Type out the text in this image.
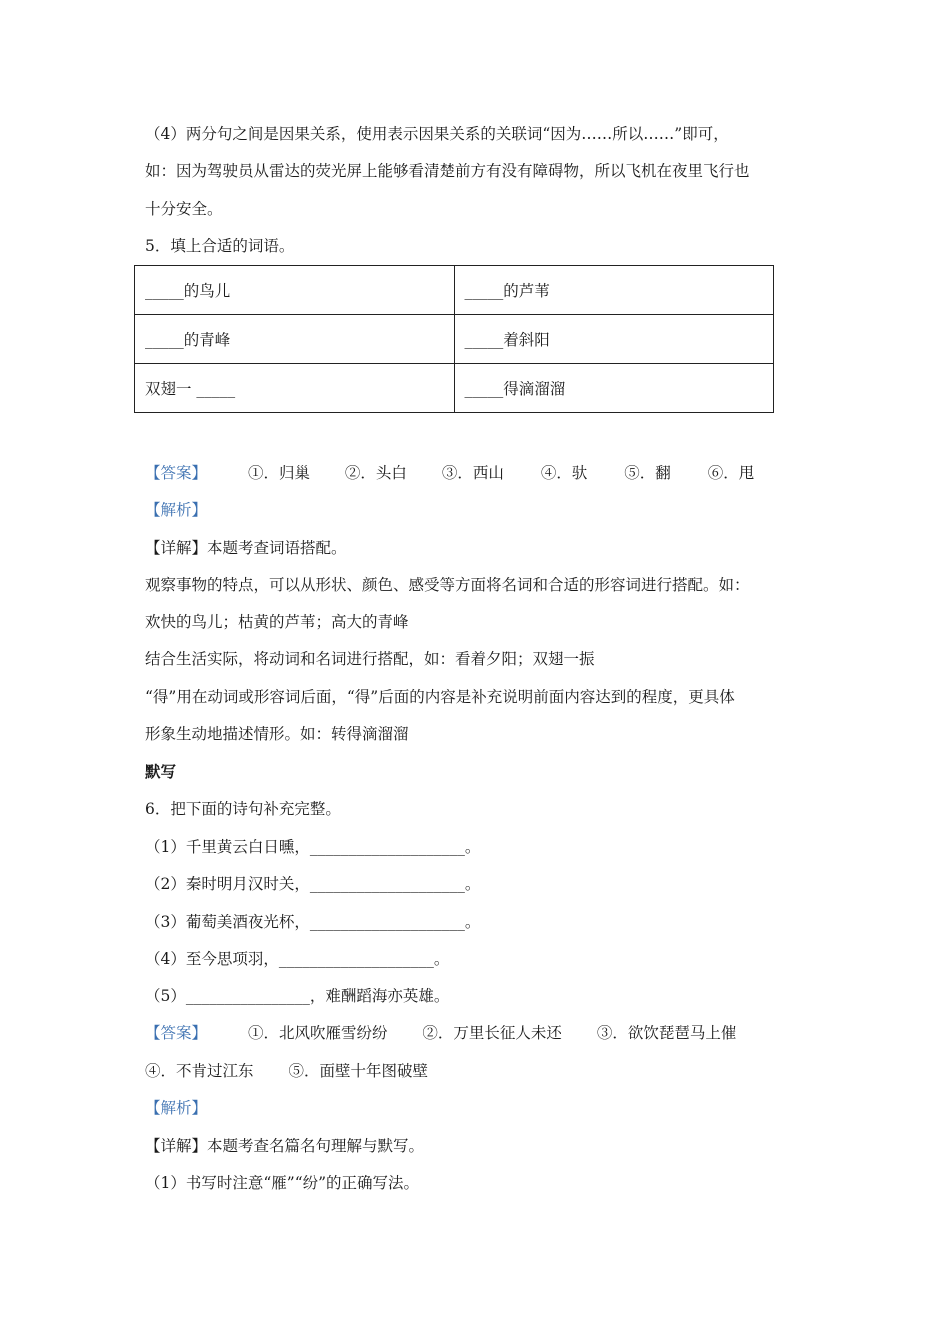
（4）两分句之间是因果关系，使用表示因果关系的关联词“因为……所以……”即可，
如：因为驾驶员从雷达的荧光屏上能够看清楚前方有没有障碍物，所以飞机在夜里飞行也
十分安全。
5．填上合适的词语。
_____的鸟儿	_____的芦苇
_____的青峰	_____着斜阳
双翅一 _____	_____得滴溜溜
【答案】	①．归巢 ②．头白 ③．西山 ④．驮 ⑤．翻 ⑥．甩
【解析】
【详解】本题考查词语搭配。
观察事物的特点，可以从形状、颜色、感受等方面将名词和合适的形容词进行搭配。如：
欢快的鸟儿；枯黄的芦苇；高大的青峰
结合生活实际，将动词和名词进行搭配，如：看着夕阳；双翅一振
“得”用在动词或形容词后面，“得”后面的内容是补充说明前面内容达到的程度，更具体
形象生动地描述情形。如：转得滴溜溜
默写
6．把下面的诗句补充完整。
（1）千里黄云白日曛，____________________。
（2）秦时明月汉时关，____________________。
（3）葡萄美酒夜光杯，____________________。
（4）至今思项羽，____________________。
（5）________________，难酬蹈海亦英雄。
【答案】	①．北风吹雁雪纷纷 ②．万里长征人未还 ③．欲饮琵琶马上催
④．不肯过江东 ⑤．面壁十年图破壁
【解析】
【详解】本题考查名篇名句理解与默写。
（1）书写时注意“雁”“纷”的正确写法。
